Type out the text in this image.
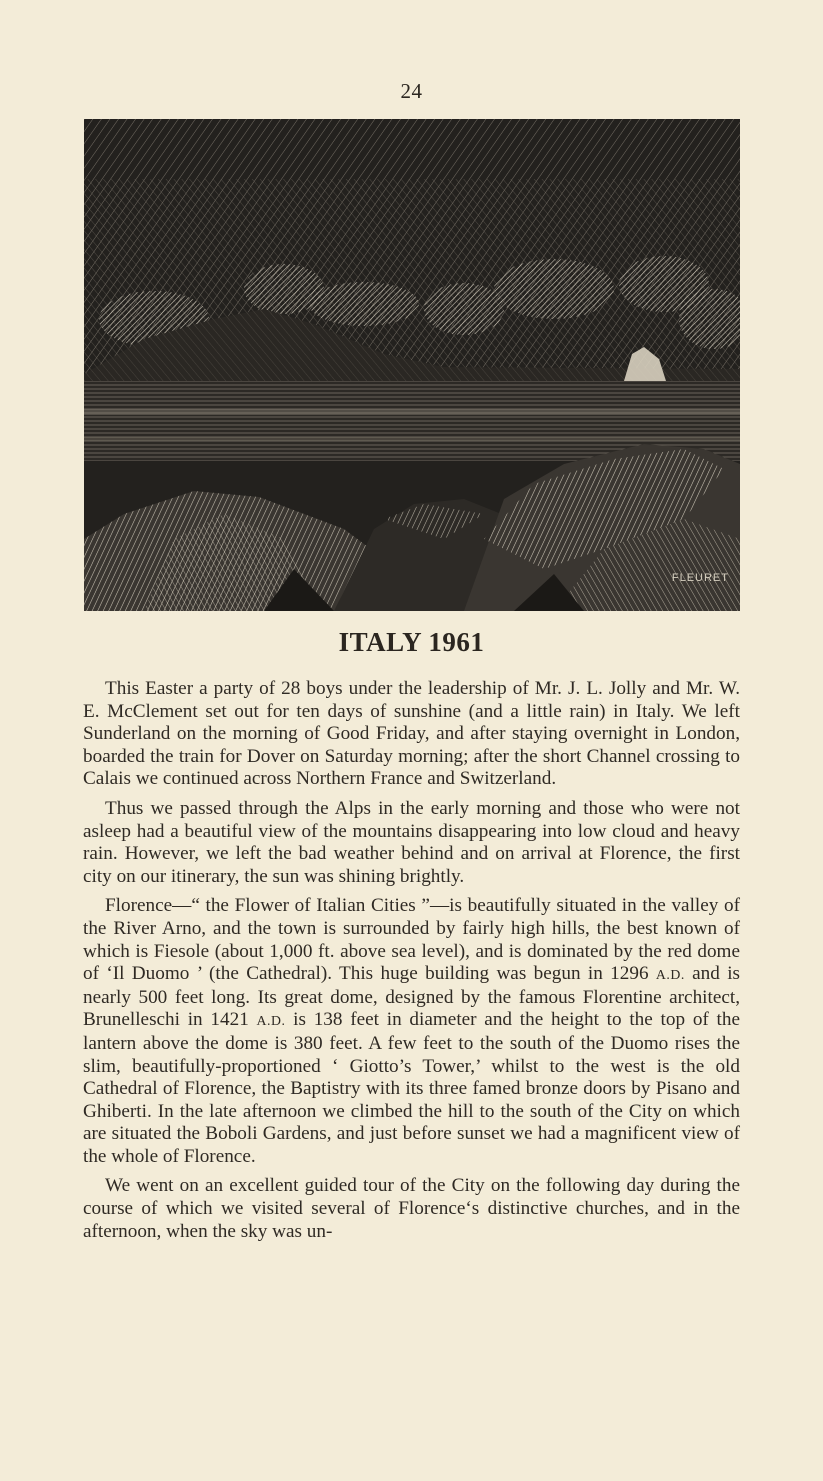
24
FLEURET
ITALY 1961

This Easter a party of 28 boys under the leadership of Mr. J. L. Jolly and Mr. W. E. McClement set out for ten days of sunshine (and a little rain) in Italy. We left Sunderland on the morning of Good Friday, and after staying overnight in London, boarded the train for Dover on Saturday morning; after the short Channel crossing to Calais we continued across Northern France and Switzerland.

Thus we passed through the Alps in the early morning and those who were not asleep had a beautiful view of the mountains disappearing into low cloud and heavy rain. However, we left the bad weather behind and on arrival at Florence, the first city on our itinerary, the sun was shining brightly.

Florence—“ the Flower of Italian Cities ”—is beautifully situated in the valley of the River Arno, and the town is surrounded by fairly high hills, the best known of which is Fiesole (about 1,000 ft. above sea level), and is dominated by the red dome of ‘Il Duomo ’ (the Cathedral). This huge building was begun in 1296 A.D. and is nearly 500 feet long. Its great dome, designed by the famous Florentine architect, Brunelleschi in 1421 A.D. is 138 feet in diameter and the height to the top of the lantern above the dome is 380 feet. A few feet to the south of the Duomo rises the slim, beautifully-proportioned ‘ Giotto’s Tower,’ whilst to the west is the old Cathedral of Florence, the Baptistry with its three famed bronze doors by Pisano and Ghiberti. In the late afternoon we climbed the hill to the south of the City on which are situated the Boboli Gardens, and just before sunset we had a magnificent view of the whole of Florence.

We went on an excellent guided tour of the City on the following day during the course of which we visited several of Florence‘s distinctive churches, and in the afternoon, when the sky was un-
